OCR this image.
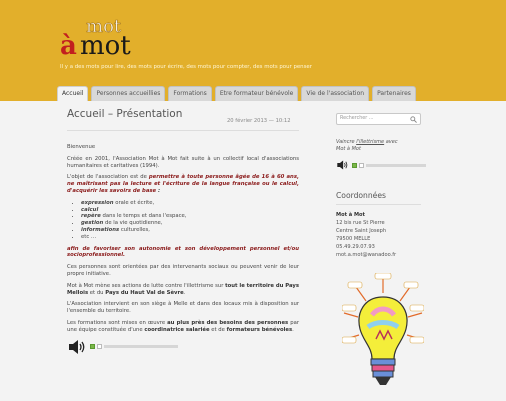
mot
à mot
Il y a des mots pour lire, des mots pour écrire, des mots pour compter, des mots pour penser
Accueil	Personnes accueillies	Formations	Etre formateur bénévole	Vie de l'association	Partenaires
Accueil – Présentation
20 février 2013 — 10:12

Bienvenue

Créée en 2001, l'Association Mot à Mot fait suite à un collectif local d'associations humanitaires et caritatives (1994).

L'objet de l'association est de permettre à toute personne âgée de 16 à 60 ans, ne maîtrisant pas la lecture et l'écriture de la langue française ou le calcul, d'acquérir les savoirs de base :

• expression orale et écrite,
• calcul
• repère dans le temps et dans l'espace,
• gestion de la vie quotidienne,
• informations culturelles,
• etc …

afin de favoriser son autonomie et son développement personnel et/ou socioprofessionnel.

Ces personnes sont orientées par des intervenants sociaux ou peuvent venir de leur propre initiative.

Mot à Mot mène ses actions de lutte contre l'illettrisme sur tout le territoire du Pays Mellois et du Pays du Haut Val de Sèvre.

L'Association intervient en son siège à Melle et dans des locaux mis à disposition sur l'ensemble du territoire.

Les formations sont mises en œuvre au plus près des besoins des personnes par une équipe constituée d'une coordinatrice salariée et de formateurs bénévoles.

Rechercher …
Vaincre l'illettrisme avec
Mot à Mot
Coordonnées
Mot à Mot
12 bis rue St Pierre
Centre Saint Joseph
79500 MELLE
05.49.29.07.93
mot.a.mot@wanadoo.fr
